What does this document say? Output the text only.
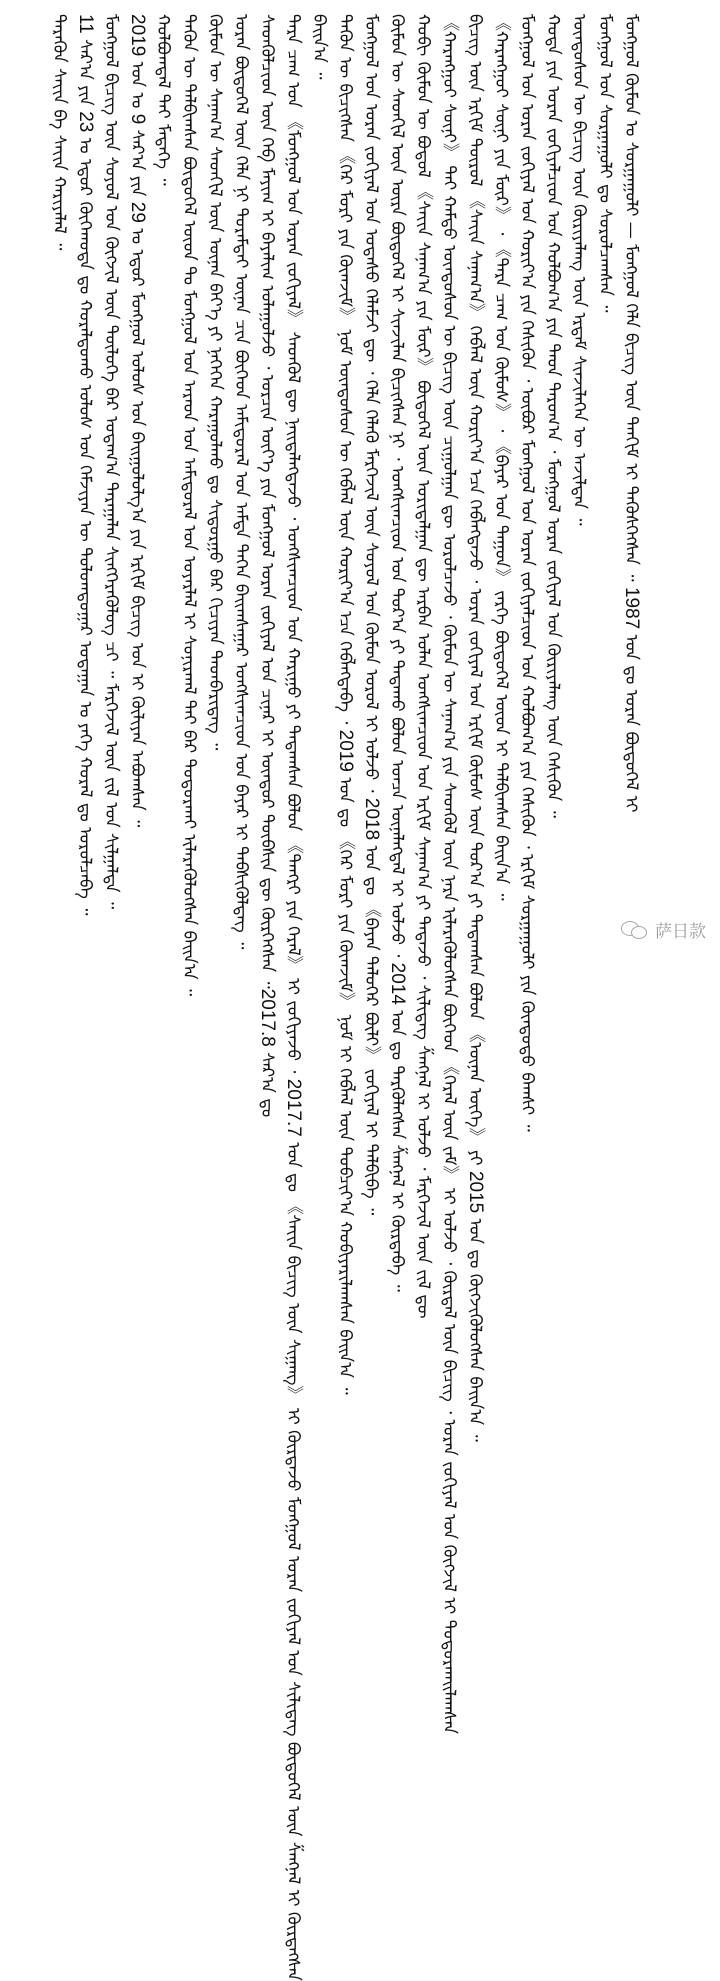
ᠲᠡᠷᠡᠭᠦᠨ ᠰᠠᠶ᠋ᠢᠨ ᠪᠠ ᠰᠠᠶ᠋ᠢᠨ ᠬᠠᠷᠢᠶᠠᠯᠠᠯ ᠃ 11 ᠰᠠᠷ᠎ᠠ ᠶᠢᠨ 23 ᠤ ᠡᠳᠦᠷ ᠬᠥᠬᠡᠬᠣᠲᠠ ᠳᠤ ᠬᠤᠷᠠᠯᠳᠤᠬᠤ ᠤᠯᠤᠰ ᠤᠨ ᠬᠡᠮᠵᠢᠶᠡᠨ ᠦ ᠳᠣᠯᠣᠭᠳᠤᠭᠠᠷ ᠤᠳᠠᠭᠠᠨ ᠤ ᠶᠡᠬᠡ ᠬᠤᠷᠠᠯ ᠳᠤ ᠣᠷᠣᠯᠴᠠᠪᠠ ᠃ ᠮᠣᠩᠭᠣᠯ ᠪᠢᠴᠢᠭ ᠦᠨ ᠰᠣᠶᠣᠯ ᠤᠨ ᠬᠥᠭᠵᠢᠯ ᠦᠨ ᠲᠥᠯᠦᠭᠡ ᠪᠡᠷ ᠤᠳᠠᠭ᠎ᠠ ᠳᠠᠷᠠᠭᠠᠯᠠᠨ ᠰᠢᠩᠭᠡᠷᠡᠭᠦᠯᠦᠭ ᠴᠢ ᠃ ᠮᠡᠷᠭᠡᠵᠢᠯ ᠦᠨ ᠵᠢᠯ ᠤᠨ ᠰᠢᠯᠭᠠᠯᠲᠠ ᠃ 2019 ᠣᠨ ᠤ 9 ᠰᠠᠷ᠎ᠠ ᠶᠢᠨ 29 ᠤ ᠡᠳᠦᠷ ᠮᠣᠩᠭᠣᠯ ᠤᠯᠤᠰ ᠤᠨ ᠪᠠᠢᠭᠤᠯᠤᠯᠭ᠎ᠠ ᠶᠢᠨ ᠡᠷᠬᠢᠮ ᠪᠢᠴᠢᠭ ᠤᠨ ᠢ ᠬᠦᠯᠢᠶᠡᠨ ᠠᠪᠤᠭᠰᠠᠨ ᠃
ᠬᠣᠯᠪᠣᠭᠳᠠᠯ ᠲᠠᠢ ᠮᠡᠳᠡᠭᠡ ᠃ ᠲᠡᠭᠦᠨ ᠦ ᠲᠠᠯᠪᠢᠭᠰᠠᠨ ᠪᠦᠲᠦᠭᠡᠯ ᠦᠳ ᠲᠤ ᠮᠣᠩᠭᠣᠯ ᠤᠨ ᠠᠷᠠᠳ ᠤᠨ ᠠᠮᠢᠳᠤᠷᠠᠯ ᠤᠨ ᠤᠶᠠᠷᠯᠠᠯ ᠢ ᠰᠣᠨᠢᠷᠬᠠᠯ ᠲᠠᠢ ᠪᠡᠷ ᠲᠣᠳᠣᠷᠬᠠᠢ ᠢᠯᠡᠷᠡᠭᠦᠯᠦᠭᠰᠡᠨ ᠪᠠᠢᠨ᠎ᠠ ᠃ ᠬᠦᠮᠦᠨ ᠦ ᠰᠠᠨᠠᠭ᠎ᠠ ᠰᠡᠳᠬᠢᠯ ᠦᠨ ᠦᠨᠡᠨ ᠪᠡᠶ᠎ᠡ ᠶᠢ ᠨᠡᠭᠡᠭᠡᠨ ᠬᠠᠷᠠᠭᠤᠯᠬᠤ ᠳᠤ ᠰᠢᠳᠤᠷᠭᠤ ᠪᠡᠷ ᠬᠢᠴᠢᠶᠡᠨ ᠳᠡᠳᠪᠡᠷᠢᠳᠡᠭ ᠃ ᠤᠷᠠᠨ ᠪᠦᠲᠦᠭᠡᠯ ᠦᠨ ᠬᠡᠯᠡ ᠨᠢ ᠳᠤᠷᠠᠮᠳᠠᠢ ᠦᠨᠡᠨ ᠴᠢᠨ ᠪᠥᠭᠡᠳ ᠠᠮᠢᠳᠤᠷᠠᠯ ᠤᠨ ᠠᠮᠲᠠ ᠳᠡᠭᠡᠨ ᠪᠠᠢᠭᠰᠠᠭᠠᠷ ᠤᠩᠰᠢᠭᠴᠢᠳ ᠤᠨ ᠪᠠᠶᠠᠷ ᠢ ᠳᠡᠪᠰᠢᠭᠦᠯᠳᠡᠭ ᠃ ᠰᠡᠳᠬᠦᠯᠴᠢᠳ ᠦᠨ ᠬᠡᠪ ᠮᠠᠶᠢᠭ ᠢ ᠪᠠᠶᠠᠯᠢᠭ ᠤᠯᠠᠭᠤᠯᠵᠤ ᠂ ᠣᠷᠴᠢᠨ ᠦᠶ᠎ᠡ ᠶᠢᠨ ᠮᠣᠩᠭᠣᠯ ᠤᠷᠠᠨ ᠵᠣᠬᠢᠶᠠᠯ ᠤᠨ ᠴᠢᠨᠠᠷ ᠢ ᠥᠨᠳᠥᠷ ᠲᠦᠪᠰᠢᠨ ᠳᠦ ᠬᠦᠷᠭᠡᠭᠰᠡᠨ ᠃2017.8 ᠰᠠᠷ᠎ᠠ ᠳᠤ
ᠲᠡᠷᠡ ᠴᠠᠭ ᠤᠨ 《ᠮᠣᠩᠭᠣᠯ ᠤᠨ ᠤᠷᠠᠨ ᠵᠣᠬᠢᠶᠠᠯ》 ᠰᠡᠳᠬᠦᠯ ᠳᠦ ᠨᠡᠢᠲᠡᠯᠡᠭᠳᠡᠵᠦ ᠂ ᠤᠩᠰᠢᠭᠴᠢᠳ ᠤᠨ ᠬᠠᠷᠢᠭᠤ ᠶᠢ ᠲᠠᠲᠠᠭᠰᠠᠨ ᠪᠣᠯᠤᠨ 《ᠲᠡᠨᠭᠷᠢ ᠶᠢᠨ ᠭᠡᠷᠡᠯ》 ᠢ ᠵᠣᠬᠢᠶᠠᠵᠤ ᠂ 2017.7 ᠣᠨ ᠳᠤ 《ᠰᠠᠶ᠋ᠢᠨ ᠪᠢᠴᠢᠭ ᠦᠨ ᠰᠢᠭᠠᠩ》 ᠢ ᠬᠦᠷᠲᠡᠵᠦ ᠮᠣᠩᠭᠣᠯ ᠤᠷᠠᠨ ᠵᠣᠬᠢᠶᠠᠯ ᠤᠨ ᠰᠢᠯᠢᠳᠡᠭ ᠪᠦᠲᠦᠭᠡᠯ ᠦᠨ ᠱᠠᠩᠨᠠᠯ ᠢ ᠬᠦᠷᠲᠡᠭᠰᠡᠨ
ᠪᠠᠢᠨ᠎ᠠ ᠃ ᠲᠡᠭᠦᠨ ᠦ ᠪᠢᠴᠢᠭᠰᠡᠨ 《ᠬᠡᠷ ᠮᠣᠷᠢ ᠶᠢᠨ ᠬᠥᠭ᠍ᠵᠢᠮ》 ᠨᠣᠮ ᠦᠨᠳᠦᠰᠦᠨ ᠦ ᠬᠡᠪᠯᠡᠯ ᠦᠨ ᠬᠣᠷᠢᠶ᠎ᠠ ᠡᠴᠡ ᠬᠡᠪᠯᠡᠭᠳᠡᠪᠡ ᠂ 2019 ᠣᠨ ᠳᠤ 《ᠬᠡᠷ ᠮᠣᠷᠢ ᠶᠢᠨ ᠬᠥᠭ᠍ᠵᠢᠮ》 ᠨᠣᠮ ᠢ ᠬᠡᠪᠯᠡᠯ ᠦᠨ ᠲᠣᠪᠴᠢᠶ᠎ᠠ ᠬᠤᠪᠢᠶᠠᠷᠢᠯᠠᠭᠰᠠᠨ ᠪᠠᠢᠨ᠎ᠠ ᠃
ᠮᠣᠩᠭᠣᠯ ᠤᠨ ᠤᠷᠠᠨ ᠵᠣᠬᠢᠶᠠᠯ ᠤᠨ ᠤᠲᠠᠰᠤ ᠬᠡᠯᠡᠮᠵᠢ ᠳᠦ ᠂ ᠬᠡᠯᠡ ᠬᠡᠯᠡᠬᠦ ᠮᠡᠷᠭᠡᠵᠢᠯ ᠦᠨ ᠰᠣᠶᠣᠯ ᠤᠨ ᠬᠦᠮᠦᠨ ᠤᠷᠤᠯ ᠢ ᠣᠯᠵᠤ ᠂ 2018 ᠣᠨ ᠳᠤ 《ᠪᠠᠶᠠᠨ ᠳᠡᠯᠦᠭᠡᠷ ᠪᠦᠯᠢ》 ᠵᠣᠬᠢᠶᠠᠯ ᠢ ᠲᠠᠯᠪᠢᠪᠠ ᠃
ᠬᠦᠮᠦᠨ ᠦ ᠰᠡᠳᠬᠢᠯ ᠦᠨ ᠦᠷᠡ ᠪᠦᠲᠦᠭᠡᠯ ᠢ ᠰᠢᠨᠵᠢᠯᠡᠨ ᠪᠢᠴᠢᠭᠰᠡᠨ ᠨᠢ ᠂ ᠤᠩᠰᠢᠭᠴᠢᠳ ᠤᠨ ᠳᠤᠷ᠎ᠠ ᠶᠢ ᠲᠠᠲᠠᠬᠤ ᠪᠣᠯᠤᠨ ᠣᠨᠴᠠ ᠦᠨᠡᠯᠡᠭᠳᠡᠯ ᠢ ᠣᠯᠵᠤ ᠂ 2014 ᠣᠨ ᠳᠤ ᠲᠡᠷᠭᠦᠯᠡᠭᠰᠡᠨ ᠱᠠᠩᠨᠠᠯ ᠢ ᠬᠦᠷᠲᠡᠪᠡ ᠃ ᠬᠤᠪᠢ ᠬᠦᠮᠦᠨ ᠦ ᠪᠣᠳᠤᠯ 《ᠰᠠᠶ᠋ᠢᠨ ᠰᠠᠨᠠᠭ᠎ᠠ ᠶᠢᠨ ᠮᠥᠷ》 ᠪᠦᠲᠦᠭᠡᠯ ᠦᠨ ᠤᠷᠢᠳᠠᠯᠭᠠᠨ ᠳᠦ ᠠᠷᠪᠠᠨ ᠣᠯᠠᠨ ᠤᠩᠰᠢᠭᠴᠢᠳ ᠤᠨ ᠡᠷᠬᠢᠮ ᠰᠠᠨᠠᠭ᠎ᠠ ᠶᠢ ᠲᠠᠲᠠᠵᠤ ᠂ ᠰᠢᠯᠢᠳᠡᠭ ᠱᠠᠩᠨᠠᠯ ᠢ ᠣᠯᠵᠤ ᠂ ᠮᠡᠷᠭᠡᠵᠢᠯ ᠦᠨ ᠵᠢᠯ ᠳᠦ 《ᠬᠠᠷᠠᠩᠭᠤᠢ ᠰᠦᠨᠢ》 ᠲᠠᠢ ᠬᠠᠮᠲᠤ ᠦᠨᠳᠦᠰᠦᠨ ᠦ ᠪᠢᠴᠢᠭ ᠦᠨ ᠴᠢᠭᠤᠯᠭᠠᠨ ᠳᠦ ᠣᠷᠣᠯᠴᠠᠵᠤ ᠂ ᠬᠦᠮᠦᠨ ᠦ ᠰᠠᠨᠠᠭ᠎ᠠ ᠶᠢᠨ ᠰᠡᠳᠬᠦᠯ ᠦᠨ ᠨᠡᠷᠡ ᠢᠯᠡᠷᠡᠭᠦᠯᠦᠭᠰᠡᠨ ᠪᠥᠭᠡᠳ 《ᠭᠡᠷᠡᠯ ᠦᠨ ᠵᠠᠮ》 ᠢ ᠣᠯᠵᠤ ᠂ ᠬᠦᠷᠲᠡᠯ ᠦᠨ ᠪᠢᠴᠢᠭ ᠂ ᠤᠷᠠᠨ ᠵᠣᠬᠢᠶᠠᠯ ᠤᠨ ᠬᠥᠭᠵᠢᠯ ᠢ ᠲᠣᠳᠣᠷᠬᠠᠢᠯᠠᠭᠰᠠᠨ ᠪᠢᠴᠢᠭ ᠦᠨ ᠡᠷᠬᠢᠮ ᠲᠦᠷᠦᠯ 《ᠰᠠᠶ᠋ᠢᠨ ᠰᠠᠨᠠᠭ᠎ᠠ》 ᠬᠡᠪᠯᠡᠯ ᠦᠨ ᠬᠣᠷᠢᠶ᠎ᠠ ᠡᠴᠡ ᠬᠡᠪᠯᠡᠭᠳᠡᠵᠦ ᠂ ᠤᠷᠠᠨ ᠵᠣᠬᠢᠶᠠᠯ ᠤᠨ ᠡᠷᠬᠢᠮ ᠬᠦᠮᠦᠰ ᠦᠨ ᠳᠤᠷ᠎ᠠ ᠶᠢ ᠲᠠᠲᠠᠭᠰᠠᠨ ᠪᠣᠯᠤᠨ 《ᠦᠨᠡᠨ ᠦᠭᠡ》 ᠶᠢ 2015 ᠣᠨ ᠳᠤ ᠬᠥᠭᠵᠢᠭᠦᠯᠦᠭᠰᠡᠨ ᠪᠠᠢᠨ᠎ᠠ ᠃
《ᠬᠠᠷᠠᠩᠭᠤᠢ ᠰᠦᠨᠢ ᠶᠢᠨ ᠮᠥᠷ》 ᠂ 《ᠲᠡᠷᠡ ᠴᠠᠭ ᠤᠨ ᠬᠦᠮᠦᠰ》 ᠂ 《ᠪᠠᠶᠠᠷ ᠤᠨ ᠳᠠᠭᠤᠨ》 ᠵᠡᠷᠭᠡ ᠪᠦᠲᠦᠭᠡᠯ ᠦᠳ ᠢ ᠲᠠᠯᠪᠢᠭᠰᠠᠨ ᠪᠠᠢᠨ᠎ᠠ ᠃ ᠮᠣᠩᠭᠣᠯ ᠤᠨ ᠤᠷᠠᠨ ᠵᠣᠬᠢᠶᠠᠯ ᠤᠨ ᠬᠣᠷᠢᠶ᠎ᠠ ᠶᠢᠨ ᠭᠡᠰᠢᠭᠦᠨ ᠂ ᠦᠪᠦᠷ ᠮᠣᠩᠭᠣᠯ ᠤᠨ ᠤᠷᠠᠨ ᠵᠣᠬᠢᠶᠠᠯᠴᠢᠳ ᠤᠨ ᠬᠣᠯᠪᠣᠭ᠎ᠠ ᠶᠢᠨ ᠭᠡᠰᠢᠭᠦᠨ ᠂ ᠡᠷᠬᠢᠮ ᠰᠤᠷᠭᠠᠭᠤᠯᠢ ᠶᠢᠨ ᠬᠦᠨᠳᠦᠲᠦ ᠪᠠᠭᠰᠢ ᠃ ᠬᠣᠲᠠ ᠶᠢᠨ ᠤᠷᠠᠨ ᠵᠣᠬᠢᠶᠠᠯᠴᠢᠳ ᠤᠨ ᠬᠣᠯᠪᠣᠭ᠎ᠠ ᠶᠢᠨ ᠳᠡᠳ ᠳᠠᠷᠤᠭ᠎ᠠ ᠂ ᠮᠣᠩᠭᠣᠯ ᠤᠷᠠᠨ ᠵᠣᠬᠢᠶᠠᠯ ᠤᠨ ᠬᠦᠷᠢᠶᠡᠯᠡᠩ ᠦᠨ ᠭᠡᠰᠢᠭᠦᠨ ᠃ ᠦᠨᠳᠦᠰᠦᠨ ᠦ ᠪᠢᠴᠢᠭ ᠦᠨ ᠬᠦᠷᠢᠶᠡᠯᠡᠩ ᠦᠨ ᠡᠷᠳᠡᠮ ᠰᠢᠨᠵᠢᠯᠡᠭᠡᠨ ᠦ ᠠᠵᠢᠯᠲᠠᠨ ᠃ ᠮᠣᠩᠭᠣᠯ ᠤᠨ ᠰᠤᠷᠭᠠᠭᠤᠯᠢ ᠳᠤ ᠰᠤᠷᠤᠯᠴᠠᠭᠰᠠᠨ ᠃ ᠮᠣᠩᠭᠣᠯ ᠬᠦᠮᠦᠨ ᠤ ᠰᠤᠷᠭᠠᠭᠤᠯᠢ — ᠮᠣᠩᠭᠣᠯ ᠬᠡᠯᠡ ᠪᠢᠴᠢᠭ ᠦᠨ ᠲᠡᠨᠬᠢᠮ ᠢ ᠲᠡᠭᠦᠰᠬᠡᠭᠰᠡᠨ ᠃ 1987 ᠣᠨ ᠳᠤ ᠤᠷᠠᠨ ᠪᠦᠲᠦᠭᠡᠯ ᠢ
萨日款
